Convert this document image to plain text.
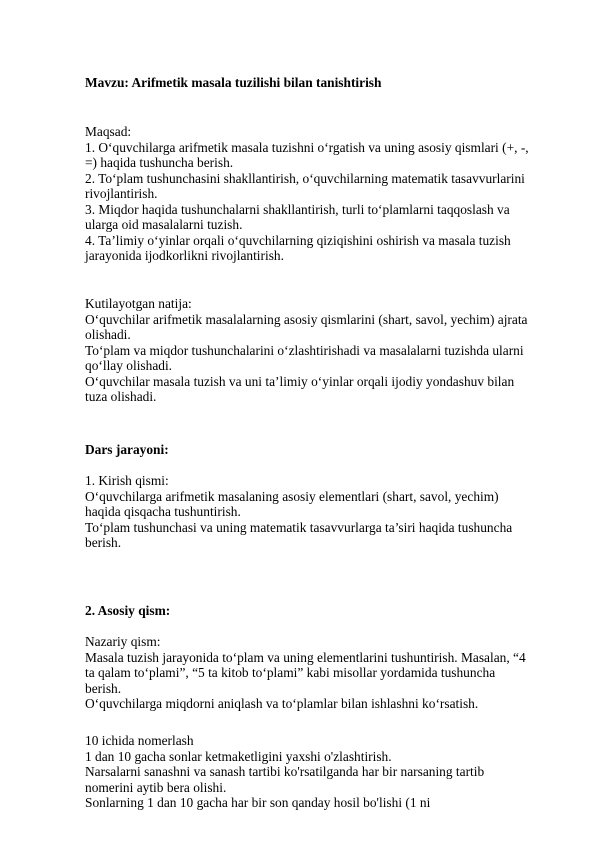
Mavzu: Arifmetik masala tuzilishi bilan tanishtirish
Maqsad:
1. O‘quvchilarga arifmetik masala tuzishni o‘rgatish va uning asosiy qismlari (+, -,
=) haqida tushuncha berish.
2. To‘plam tushunchasini shakllantirish, o‘quvchilarning matematik tasavvurlarini
rivojlantirish.
3. Miqdor haqida tushunchalarni shakllantirish, turli to‘plamlarni taqqoslash va
ularga oid masalalarni tuzish.
4. Ta’limiy o‘yinlar orqali o‘quvchilarning qiziqishini oshirish va masala tuzish
jarayonida ijodkorlikni rivojlantirish.
Kutilayotgan natija:
O‘quvchilar arifmetik masalalarning asosiy qismlarini (shart, savol, yechim) ajrata
olishadi.
To‘plam va miqdor tushunchalarini o‘zlashtirishadi va masalalarni tuzishda ularni
qo‘llay olishadi.
O‘quvchilar masala tuzish va uni ta’limiy o‘yinlar orqali ijodiy yondashuv bilan
tuza olishadi.
Dars jarayoni:
1. Kirish qismi:
O‘quvchilarga arifmetik masalaning asosiy elementlari (shart, savol, yechim)
haqida qisqacha tushuntirish.
To‘plam tushunchasi va uning matematik tasavvurlarga ta’siri haqida tushuncha
berish.
2. Asosiy qism:
Nazariy qism:
Masala tuzish jarayonida to‘plam va uning elementlarini tushuntirish. Masalan, “4
ta qalam to‘plami”, “5 ta kitob to‘plami” kabi misollar yordamida tushuncha
berish.
O‘quvchilarga miqdorni aniqlash va to‘plamlar bilan ishlashni ko‘rsatish.
10 ichida nomerlash
1 dan 10 gacha sonlar ketmaketligini yaxshi o'zlashtirish.
Narsalarni sanashni va sanash tartibi ko'rsatilganda har bir narsaning tartib
nomerini aytib bera olishi.
Sonlarning 1 dan 10 gacha har bir son qanday hosil bo'lishi (1 ni
